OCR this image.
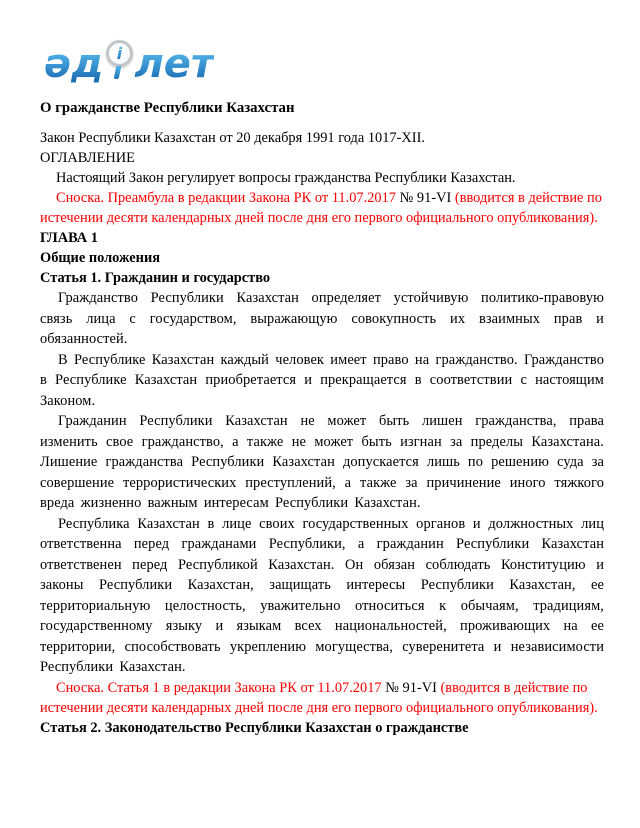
әд і лет
О гражданстве Республики Казахстан

Закон Республики Казахстан от 20 декабря 1991 года 1017-XII.

ОГЛАВЛЕНИЕ

Настоящий Закон регулирует вопросы гражданства Республики Казахстан.

Сноска. Преамбула в редакции Закона РК от 11.07.2017 № 91-VI (вводится в действие по истечении десяти календарных дней после дня его первого официального опубликования).

ГЛАВА 1

Общие положения

Статья 1. Гражданин и государство

Гражданство Республики Казахстан определяет устойчивую политико-правовую связь лица с государством, выражающую совокупность их взаимных прав и обязанностей.

В Республике Казахстан каждый человек имеет право на гражданство. Гражданство в Республике Казахстан приобретается и прекращается в соответствии с настоящим Законом.

Гражданин Республики Казахстан не может быть лишен гражданства, права изменить свое гражданство, а также не может быть изгнан за пределы Казахстана. Лишение гражданства Республики Казахстан допускается лишь по решению суда за совершение террористических преступлений, а также за причинение иного тяжкого вреда жизненно важным интересам Республики Казахстан.

Республика Казахстан в лице своих государственных органов и должностных лиц ответственна перед гражданами Республики, а гражданин Республики Казахстан ответственен перед Республикой Казахстан. Он обязан соблюдать Конституцию и законы Республики Казахстан, защищать интересы Республики Казахстан, ее территориальную целостность, уважительно относиться к обычаям, традициям, государственному языку и языкам всех национальностей, проживающих на ее территории, способствовать укреплению могущества, суверенитета и независимости Республики Казахстан.

Сноска. Статья 1 в редакции Закона РК от 11.07.2017 № 91-VI (вводится в действие по истечении десяти календарных дней после дня его первого официального опубликования).

Статья 2. Законодательство Республики Казахстан о гражданстве
